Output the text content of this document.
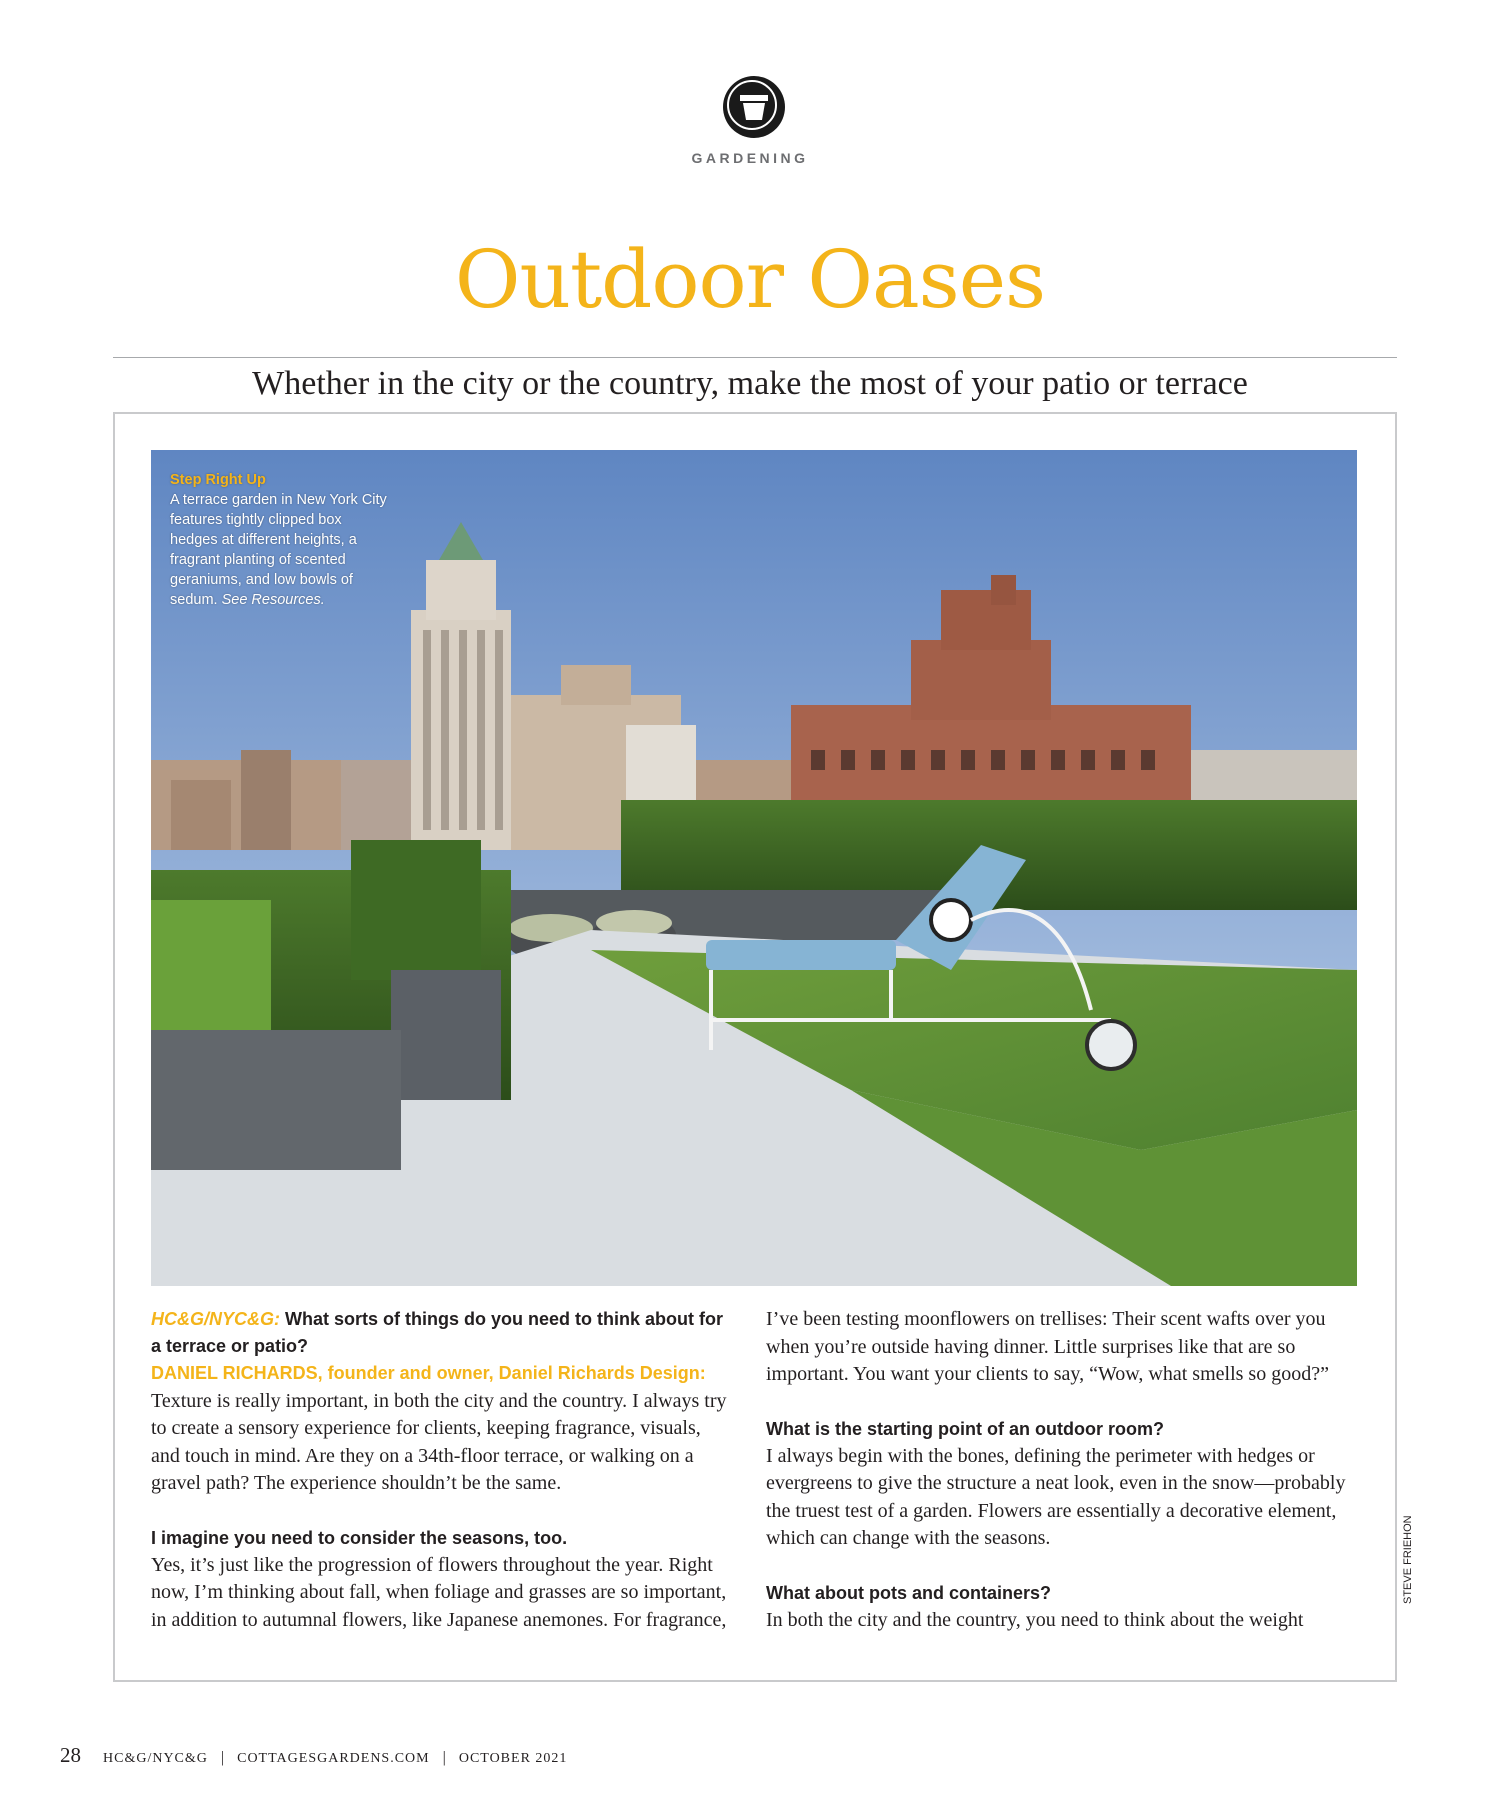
GARDENING
Outdoor Oases
Whether in the city or the country, make the most of your patio or terrace
Step Right Up
A terrace garden in New York City features tightly clipped box hedges at different heights, a fragrant planting of scented geraniums, and low bowls of sedum. See Resources.

HC&G/NYC&G: What sorts of things do you need to think about for a terrace or patio?

DANIEL RICHARDS, founder and owner, Daniel Richards Design: Texture is really important, in both the city and the country. I always try to create a sensory experience for clients, keeping fragrance, visuals, and touch in mind. Are they on a 34th-floor terrace, or walking on a gravel path? The experience shouldn’t be the same.

I imagine you need to consider the seasons, too.

Yes, it’s just like the progression of flowers throughout the year. Right now, I’m thinking about fall, when foliage and grasses are so important, in addition to autumnal flowers, like Japanese anemones. For fragrance,

I’ve been testing moonflowers on trellises: Their scent wafts over you when you’re outside having dinner. Little surprises like that are so important. You want your clients to say, “Wow, what smells so good?”

What is the starting point of an outdoor room?

I always begin with the bones, defining the perimeter with hedges or evergreens to give the structure a neat look, even in the snow—probably the truest test of a garden. Flowers are essentially a decorative element, which can change with the seasons.

What about pots and containers?

In both the city and the country, you need to think about the weight

STEVE FRIEHON
28 HC&G/NYC&G | COTTAGESGARDENS.COM | OCTOBER 2021
